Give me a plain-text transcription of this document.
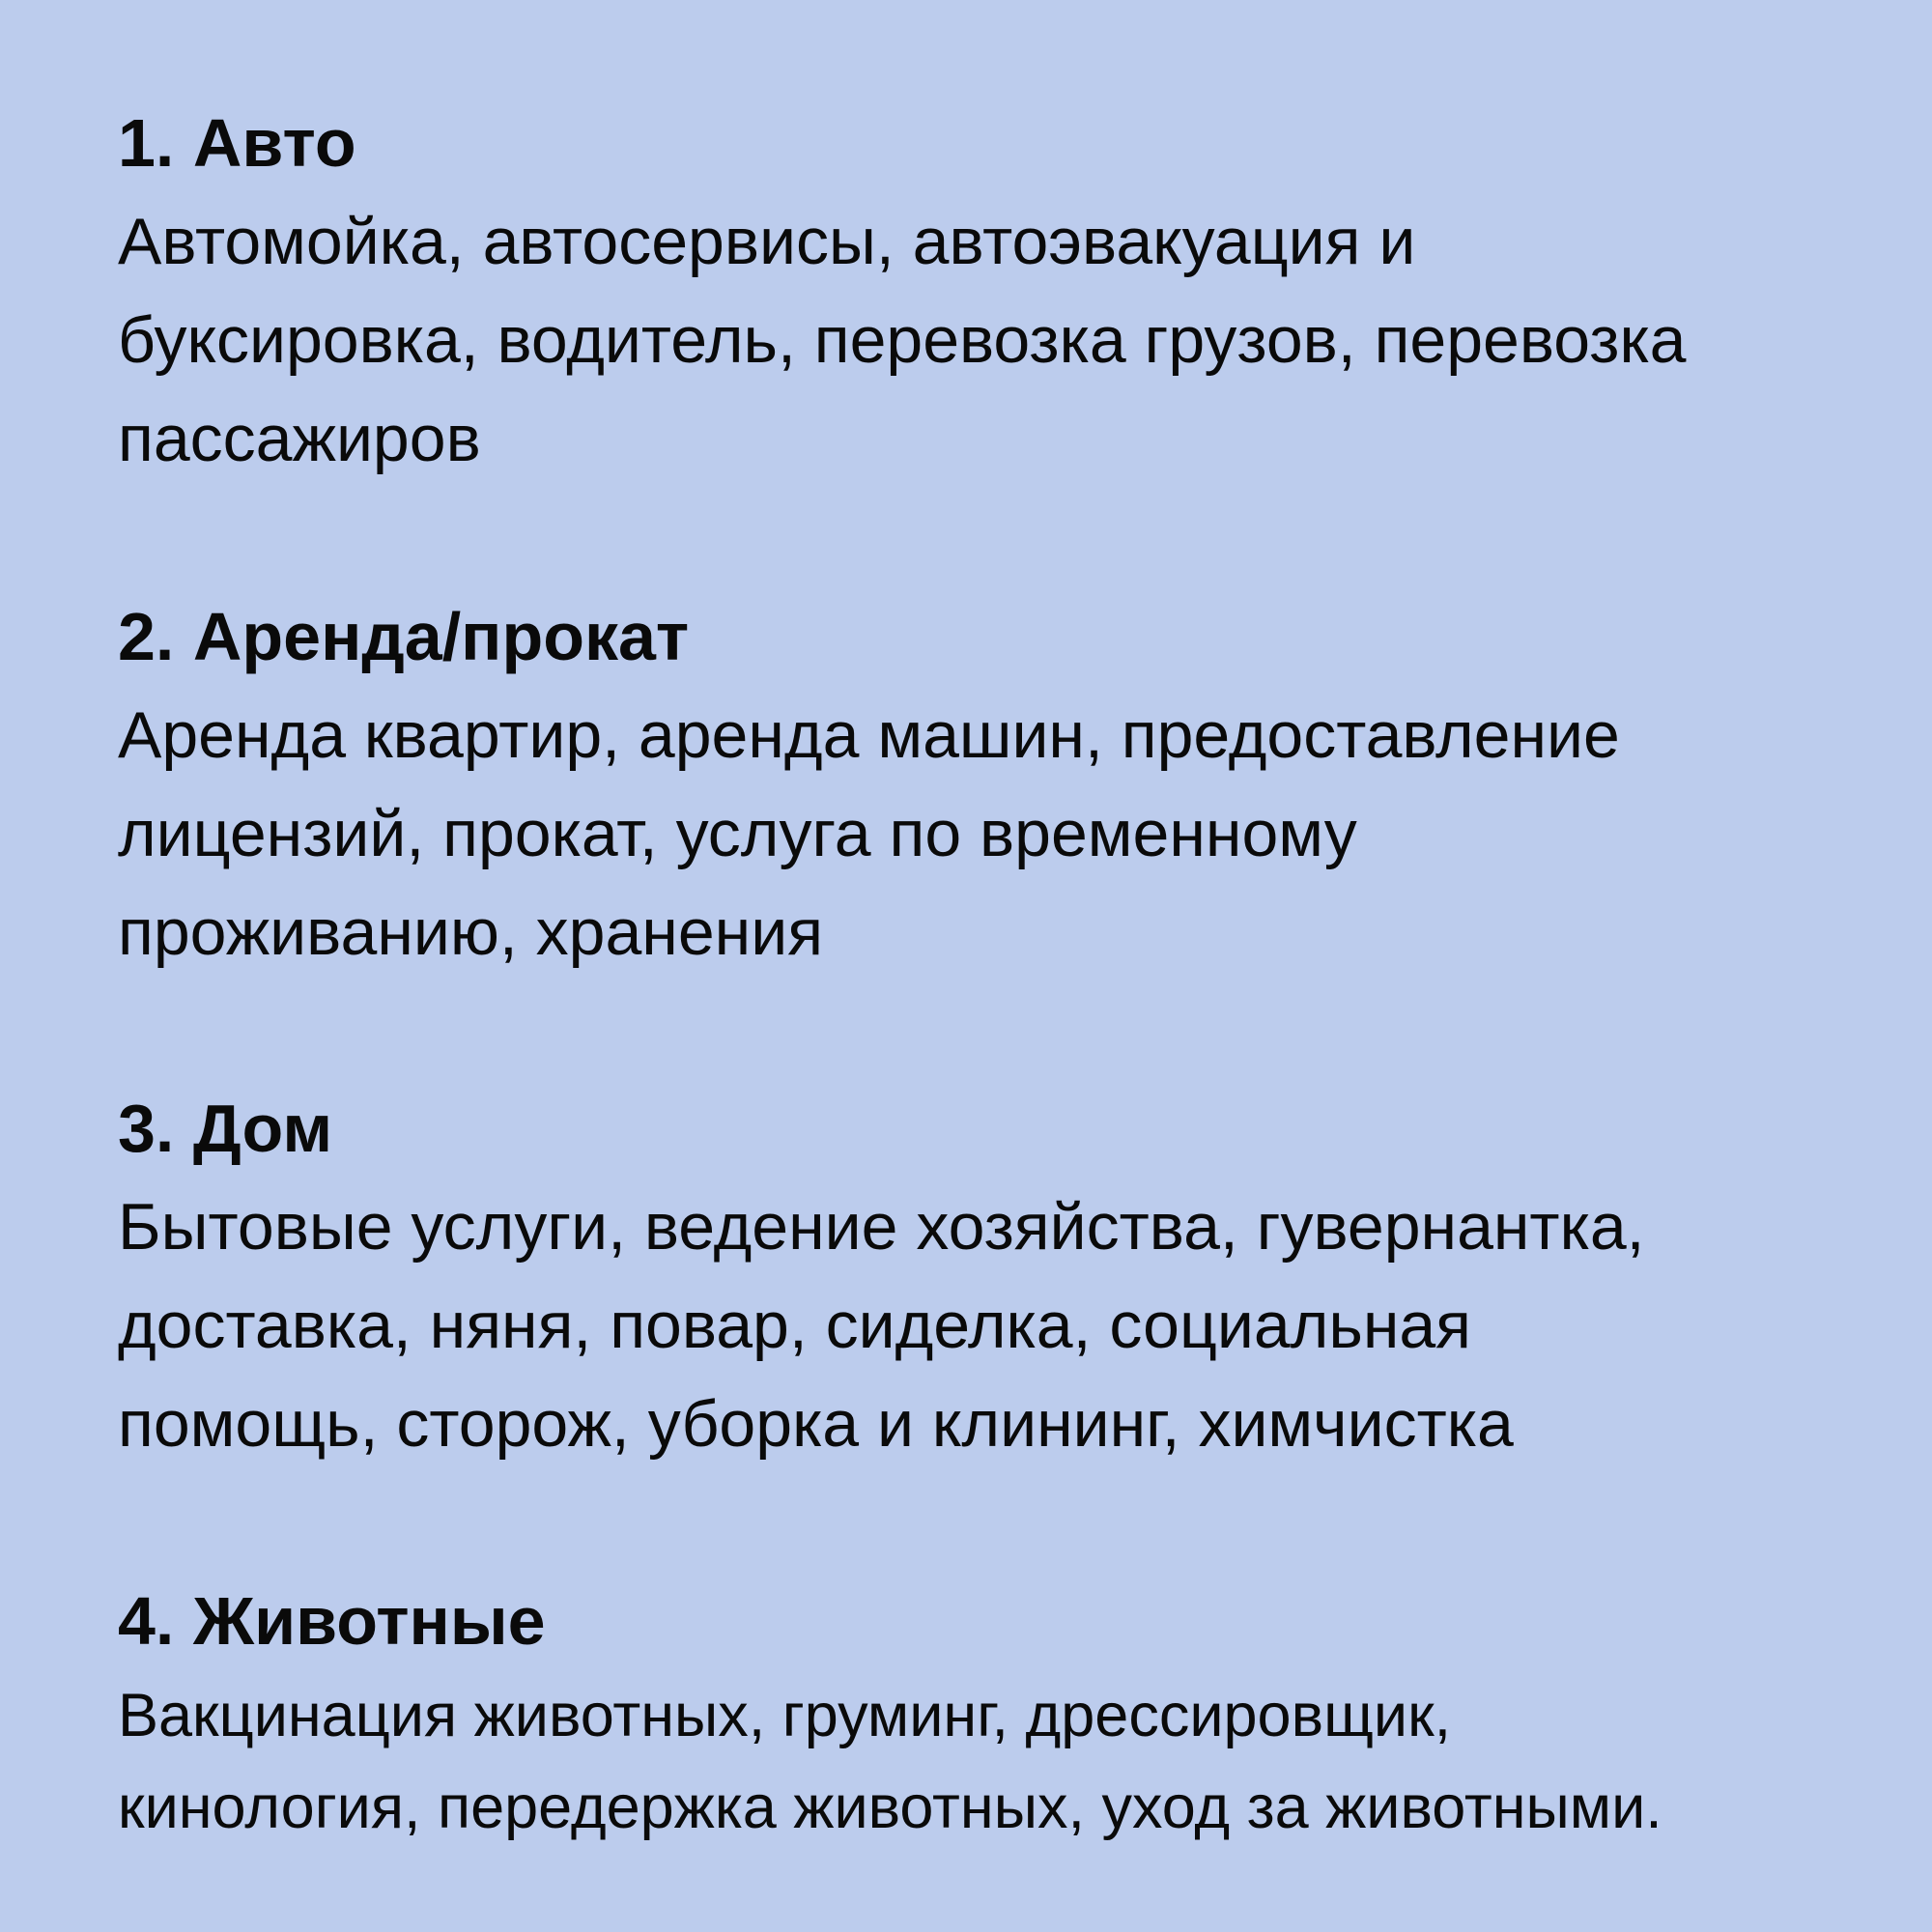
1. Авто

Автомойка, автосервисы, автоэвакуация и
буксировка, водитель, перевозка грузов, перевозка
пассажиров

2. Аренда/прокат

Аренда квартир, аренда машин, предоставление
лицензий, прокат, услуга по временному
проживанию, хранения

3. Дом

Бытовые услуги, ведение хозяйства, гувернантка,
доставка, няня, повар, сиделка, социальная
помощь, сторож, уборка и клининг, химчистка

4. Животные

Вакцинация животных, груминг, дрессировщик,
кинология, передержка животных, уход за животными.
